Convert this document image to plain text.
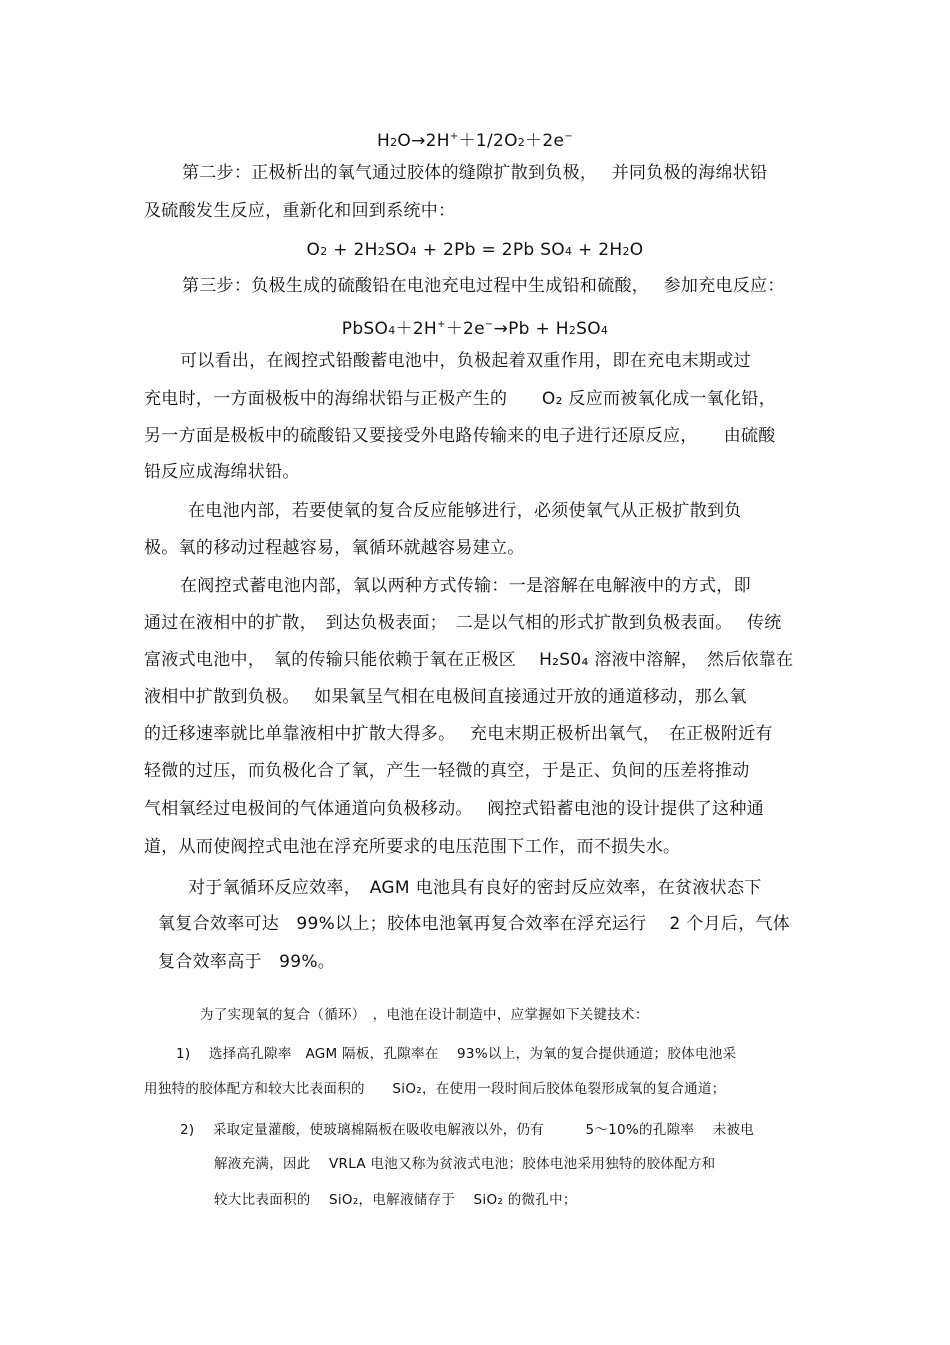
H2O→2H+＋1/2O2＋2e−
第二步：正极析出的氧气通过胶体的缝隙扩散到负极，　 并同负极的海绵状铅
及硫酸发生反应，重新化和回到系统中：
O2 + 2H2SO4 + 2Pb = 2Pb SO4 + 2H2O
第三步：负极生成的硫酸铅在电池充电过程中生成铅和硫酸，　 参加充电反应：
PbSO4＋2H+＋2e−→Pb + H2SO4
可以看出，在阀控式铅酸蓄电池中，负极起着双重作用，即在充电末期或过
充电时，一方面极板中的海绵状铅与正极产生的　　O₂ 反应而被氧化成一氧化铅，
另一方面是极板中的硫酸铅又要接受外电路传输来的电子进行还原反应，　　由硫酸
铅反应成海绵状铅。
在电池内部，若要使氧的复合反应能够进行，必须使氧气从正极扩散到负
极。氧的移动过程越容易，氧循环就越容易建立。
在阀控式蓄电池内部，氧以两种方式传输：一是溶解在电解液中的方式，即
通过在液相中的扩散，　到达负极表面；　二是以气相的形式扩散到负极表面。　 传统
富液式电池中，　氧的传输只能依赖于氧在正极区　 H₂S0₄ 溶液中溶解，　然后依靠在
液相中扩散到负极。　 如果氧呈气相在电极间直接通过开放的通道移动，那么氧
的迁移速率就比单靠液相中扩散大得多。　 充电末期正极析出氧气，　在正极附近有
轻微的过压，而负极化合了氧，产生一轻微的真空，于是正、负间的压差将推动
气相氧经过电极间的气体通道向负极移动。　 阀控式铅蓄电池的设计提供了这种通
道，从而使阀控式电池在浮充所要求的电压范围下工作，而不损失水。
对于氧循环反应效率，　AGM 电池具有良好的密封反应效率，在贫液状态下
氧复合效率可达　99%以上；胶体电池氧再复合效率在浮充运行　 2 个月后，气体
复合效率高于　99%。
为了实现氧的复合（循环）　，电池在设计制造中，应掌握如下关键技术：
1)　 选择高孔隙率　AGM 隔板，孔隙率在　 93%以上，为氧的复合提供通道；胶体电池采
用独特的胶体配方和较大比表面积的　　SiO₂，在使用一段时间后胶体龟裂形成氧的复合通道；
2)　 采取定量灌酸，使玻璃棉隔板在吸收电解液以外，仍有　　　5～10%的孔隙率　 未被电
解液充满，因此　 VRLA 电池又称为贫液式电池；胶体电池采用独特的胶体配方和
较大比表面积的　 SiO₂，电解液储存于　 SiO₂ 的微孔中；
